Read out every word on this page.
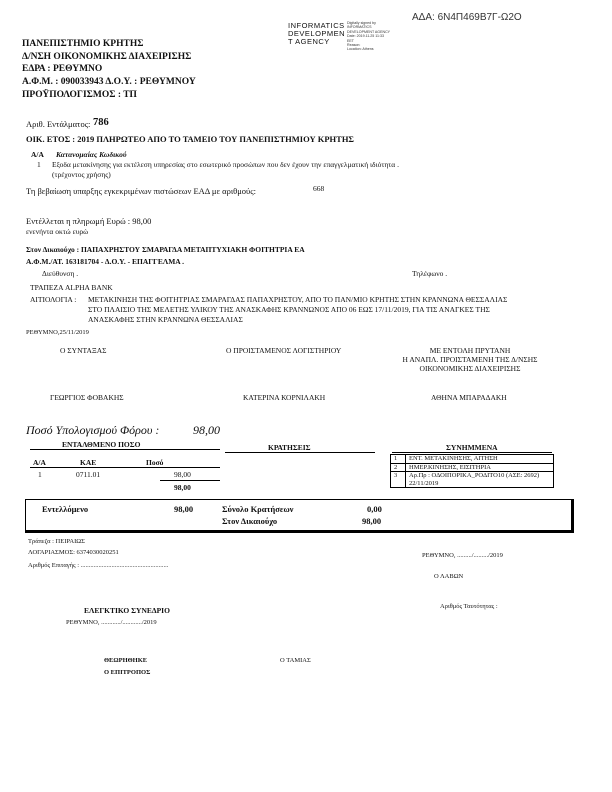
ΑΔΑ: 6Ν4Π469Β7Γ-Ω2Ο
INFORMATICS
DEVELOPMEN
T AGENCY
Digitally signed by
INFORMATICS
DEVELOPMENT AGENCY
Date: 2019.11.25 11:33
EET
Reason:
Location: Athens
ΠΑΝΕΠΙΣΤΗΜΙΟ ΚΡΗΤΗΣ
Δ/ΝΣΗ ΟΙΚΟΝΟΜΙΚΗΣ ΔΙΑΧΕΙΡΙΣΗΣ
ΕΔΡΑ : ΡΕΘΥΜΝΟ
Α.Φ.Μ. : 090033943 Δ.Ο.Υ. : ΡΕΘΥΜΝΟΥ
ΠΡΟΫΠΟΛΟΓΙΣΜΟΣ : ΤΠ
Αριθ. Εντάλματος: 786
ΟΙΚ. ΕΤΟΣ : 2019 ΠΛΗΡΩΤΕΟ ΑΠΟ ΤΟ ΤΑΜΕΙΟ ΤΟΥ ΠΑΝΕΠΙΣΤΗΜΙΟΥ ΚΡΗΤΗΣ
Α/Α Κατανομαίας Κωδικού
1 Εξοδα μετακίνησης για εκτέλεση υπηρεσίας στο εσωτερικό προσώπων που δεν έχουν την επαγγελματική ιδιότητα .
(τρέχοντος χρήσης)
Τη βεβαίωση υπαρξης εγκεκριμένων πιστώσεων ΕΑΔ με αριθμούς:	668
Εντέλλεται η πληρωμή Ευρώ : 98,00
ενενήντα οκτώ ευρώ
Στον Δικαιούχο : ΠΑΠΑΧΡΗΣΤΟΥ ΣΜΑΡΑΓΔΑ ΜΕΤΑΠΤΥΧΙΑΚΗ ΦΟΙΤΗΤΡΙΑ ΕΑ
Α.Φ.Μ./ΑΤ. 163181704 - Δ.Ο.Υ. - ΕΠΑΓΓΕΛΜΑ .
Διεύθυνση .	Τηλέφωνο .
ΤΡΑΠΕΖΑ ALPHA BANK
ΑΙΤΙΟΛΟΓΙΑ : ΜΕΤΑΚΙΝΗΣΗ ΤΗΣ ΦΟΙΤΗΤΡΙΑΣ ΣΜΑΡΑΓΔΑΣ ΠΑΠΑΧΡΗΣΤΟΥ, ΑΠΟ ΤΟ ΠΑΝ/ΜΙΟ ΚΡΗΤΗΣ ΣΤΗΝ ΚΡΑΝΝΩΝΑ ΘΕΣΣΑΛΙΑΣ
ΣΤΟ ΠΛΑΙΣΙΟ ΤΗΣ ΜΕΛΕΤΗΣ ΥΛΙΚΟΥ ΤΗΣ ΑΝΑΣΚΑΦΗΣ ΚΡΑΝΝΩΝΟΣ ΑΠΟ 06 ΕΩΣ 17/11/2019, ΓΙΑ ΤΙΣ ΑΝΑΓΚΕΣ ΤΗΣ
ΑΝΑΣΚΑΦΗΣ ΣΤΗΝ ΚΡΑΝΝΩΝΑ ΘΕΣΣΑΛΙΑΣ
ΡΕΘΥΜΝΟ,25/11/2019
Ο ΣΥΝΤΑΞΑΣ	Ο ΠΡΟΙΣΤΑΜΕΝΟΣ ΛΟΓΙΣΤΗΡΙΟΥ	ΜΕ ΕΝΤΟΛΗ ΠΡΥΤΑΝΗ
Η ΑΝΑΠΛ. ΠΡΟΙΣΤΑΜΕΝΗ ΤΗΣ Δ/ΝΣΗΣ
ΟΙΚΟΝΟΜΙΚΗΣ ΔΙΑΧΕΙΡΙΣΗΣ
ΓΕΩΡΓΙΟΣ ΦΟΒΑΚΗΣ	ΚΑΤΕΡΙΝΑ ΚΟΡΝΙΛΑΚΗ	ΑΘΗΝΑ ΜΠΑΡΑΔΑΚΗ
Ποσό Υπολογισμού Φόρου :	98,00
ΕΝΤΑΛΘΜΕΝΟ ΠΟΣΟ	ΚΡΑΤΗΣΕΙΣ	ΣΥΝΗΜΜΕΝΑ
Α/Α	ΚΑΕ	Ποσό
1	0711.01	98,00
98,00
1	ΕΝΤ. ΜΕΤΑΚΙΝΗΣΗΣ, ΑΙΤΗΣΗ
2	ΗΜΕΡ.ΚΙΝΗΣΗΣ, ΕΙΣΙΤΗΡΙΑ
3	Αρ.Πρ : ΟΔΟΙΠΟΡΙΚΑ_ΡΟΔΙΤΟ10 (ΑΣΕ: 2692) 22/11/2019
Εντελλόμενο	98,00	Σύνολο Κρατήσεων	0,00
Στον Δικαιούχο	98,00
Τράπεζα : ΠΕΙΡΑΙΩΣ
ΛΟΓΑΡΙΑΣΜΟΣ: 6374030020251
Αριθμός Επιταγής : ......................................................
ΡΕΘΥΜΝΟ, ........./........./2019
Ο ΛΑΒΩΝ
ΕΛΕΓΚΤΙΚΟ ΣΥΝΕΔΡΙΟ
ΡΕΘΥΜΝΟ, ............/............/2019
Αριθμός Ταυτότητας :
ΘΕΩΡΗΘΗΚΕ
Ο ΕΠΙΤΡΟΠΟΣ
Ο ΤΑΜΙΑΣ
